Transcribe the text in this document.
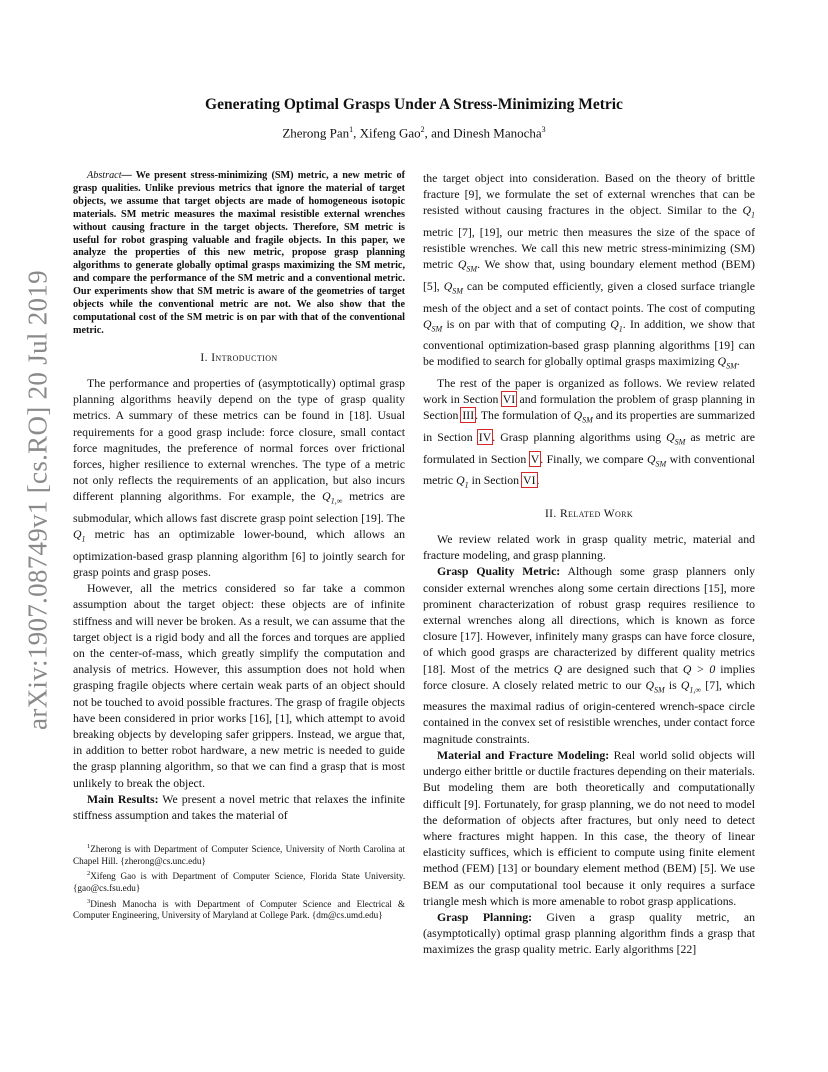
arXiv:1907.08749v1 [cs.RO] 20 Jul 2019
Generating Optimal Grasps Under A Stress-Minimizing Metric
Zherong Pan$^1$, Xifeng Gao$^2$, and Dinesh Manocha$^3$

Abstract— We present stress-minimizing (SM) metric, a new metric of grasp qualities. Unlike previous metrics that ignore the material of target objects, we assume that target objects are made of homogeneous isotopic materials. SM metric measures the maximal resistible external wrenches without causing fracture in the target objects. Therefore, SM metric is useful for robot grasping valuable and fragile objects. In this paper, we analyze the properties of this new metric, propose grasp planning algorithms to generate globally optimal grasps maximizing the SM metric, and compare the performance of the SM metric and a conventional metric. Our experiments show that SM metric is aware of the geometries of target objects while the conventional metric are not. We also show that the computational cost of the SM metric is on par with that of the conventional metric.

I. Introduction

The performance and properties of (asymptotically) optimal grasp planning algorithms heavily depend on the type of grasp quality metrics. A summary of these metrics can be found in [18]. Usual requirements for a good grasp include: force closure, small contact force magnitudes, the preference of normal forces over frictional forces, higher resilience to external wrenches. The type of a metric not only reflects the requirements of an application, but also incurs different planning algorithms. For example, the $Q_{1,\infty}$ metrics are submodular, which allows fast discrete grasp point selection [19]. The $Q_1$ metric has an optimizable lower-bound, which allows an optimization-based grasp planning algorithm [6] to jointly search for grasp points and grasp poses.

However, all the metrics considered so far take a common assumption about the target object: these objects are of infinite stiffness and will never be broken. As a result, we can assume that the target object is a rigid body and all the forces and torques are applied on the center-of-mass, which greatly simplify the computation and analysis of metrics. However, this assumption does not hold when grasping fragile objects where certain weak parts of an object should not be touched to avoid possible fractures. The grasp of fragile objects have been considered in prior works [16], [1], which attempt to avoid breaking objects by developing safer grippers. Instead, we argue that, in addition to better robot hardware, a new metric is needed to guide the grasp planning algorithm, so that we can find a grasp that is most unlikely to break the object.

Main Results: We present a novel metric that relaxes the infinite stiffness assumption and takes the material of

$^1$Zherong is with Department of Computer Science, University of North Carolina at Chapel Hill. {zherong@cs.unc.edu}

$^2$Xifeng Gao is with Department of Computer Science, Florida State University. {gao@cs.fsu.edu}

$^3$Dinesh Manocha is with Department of Computer Science and Electrical & Computer Engineering, University of Maryland at College Park. {dm@cs.umd.edu}

the target object into consideration. Based on the theory of brittle fracture [9], we formulate the set of external wrenches that can be resisted without causing fractures in the object. Similar to the $Q_1$ metric [7], [19], our metric then measures the size of the space of resistible wrenches. We call this new metric stress-minimizing (SM) metric $Q_{SM}$. We show that, using boundary element method (BEM) [5], $Q_{SM}$ can be computed efficiently, given a closed surface triangle mesh of the object and a set of contact points. The cost of computing $Q_{SM}$ is on par with that of computing $Q_1$. In addition, we show that conventional optimization-based grasp planning algorithms [19] can be modified to search for globally optimal grasps maximizing $Q_{SM}$.

The rest of the paper is organized as follows. We review related work in Section VI and formulation the problem of grasp planning in Section III. The formulation of $Q_{SM}$ and its properties are summarized in Section IV. Grasp planning algorithms using $Q_{SM}$ as metric are formulated in Section V. Finally, we compare $Q_{SM}$ with conventional metric $Q_1$ in Section VI.

II. Related Work

We review related work in grasp quality metric, material and fracture modeling, and grasp planning.

Grasp Quality Metric: Although some grasp planners only consider external wrenches along some certain directions [15], more prominent characterization of robust grasp requires resilience to external wrenches along all directions, which is known as force closure [17]. However, infinitely many grasps can have force closure, of which good grasps are characterized by different quality metrics [18]. Most of the metrics Q are designed such that Q > 0 implies force closure. A closely related metric to our $Q_{SM}$ is $Q_{1,\infty}$ [7], which measures the maximal radius of origin-centered wrench-space circle contained in the convex set of resistible wrenches, under contact force magnitude constraints.

Material and Fracture Modeling: Real world solid objects will undergo either brittle or ductile fractures depending on their materials. But modeling them are both theoretically and computationally difficult [9]. Fortunately, for grasp planning, we do not need to model the deformation of objects after fractures, but only need to detect where fractures might happen. In this case, the theory of linear elasticity suffices, which is efficient to compute using finite element method (FEM) [13] or boundary element method (BEM) [5]. We use BEM as our computational tool because it only requires a surface triangle mesh which is more amenable to robot grasp applications.

Grasp Planning: Given a grasp quality metric, an (asymptotically) optimal grasp planning algorithm finds a grasp that maximizes the grasp quality metric. Early algorithms [22]
